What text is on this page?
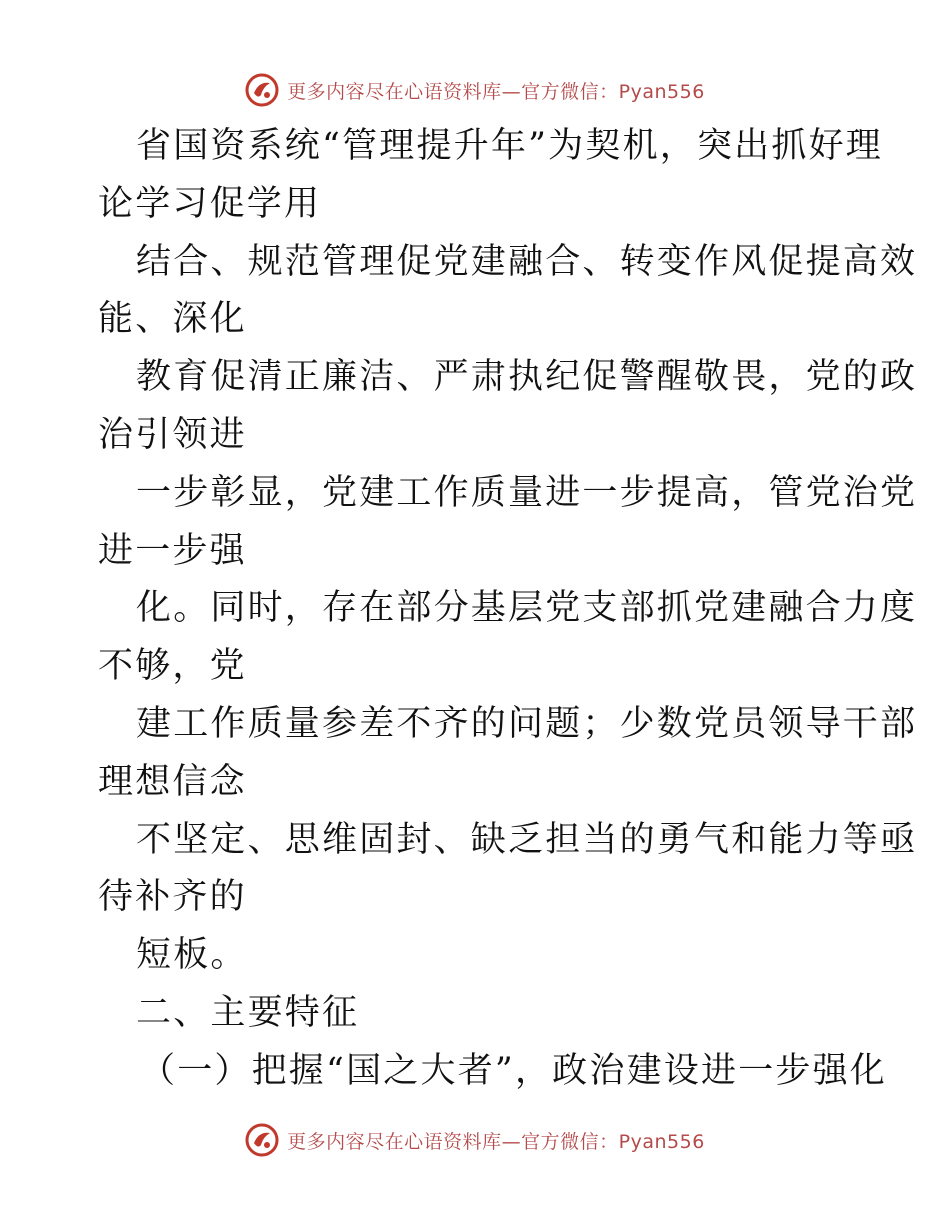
更多内容尽在心语资料库—官方微信：Pyan556
省国资系统“管理提升年”为契机，突出抓好理
论学习促学用
结合、规范管理促党建融合、转变作风促提高效
能、深化
教育促清正廉洁、严肃执纪促警醒敬畏，党的政
治引领进
一步彰显，党建工作质量进一步提高，管党治党
进一步强
化。同时，存在部分基层党支部抓党建融合力度
不够，党
建工作质量参差不齐的问题；少数党员领导干部
理想信念
不坚定、思维固封、缺乏担当的勇气和能力等亟
待补齐的
短板。
二、主要特征
（一）把握“国之大者”，政治建设进一步强化
更多内容尽在心语资料库—官方微信：Pyan556
